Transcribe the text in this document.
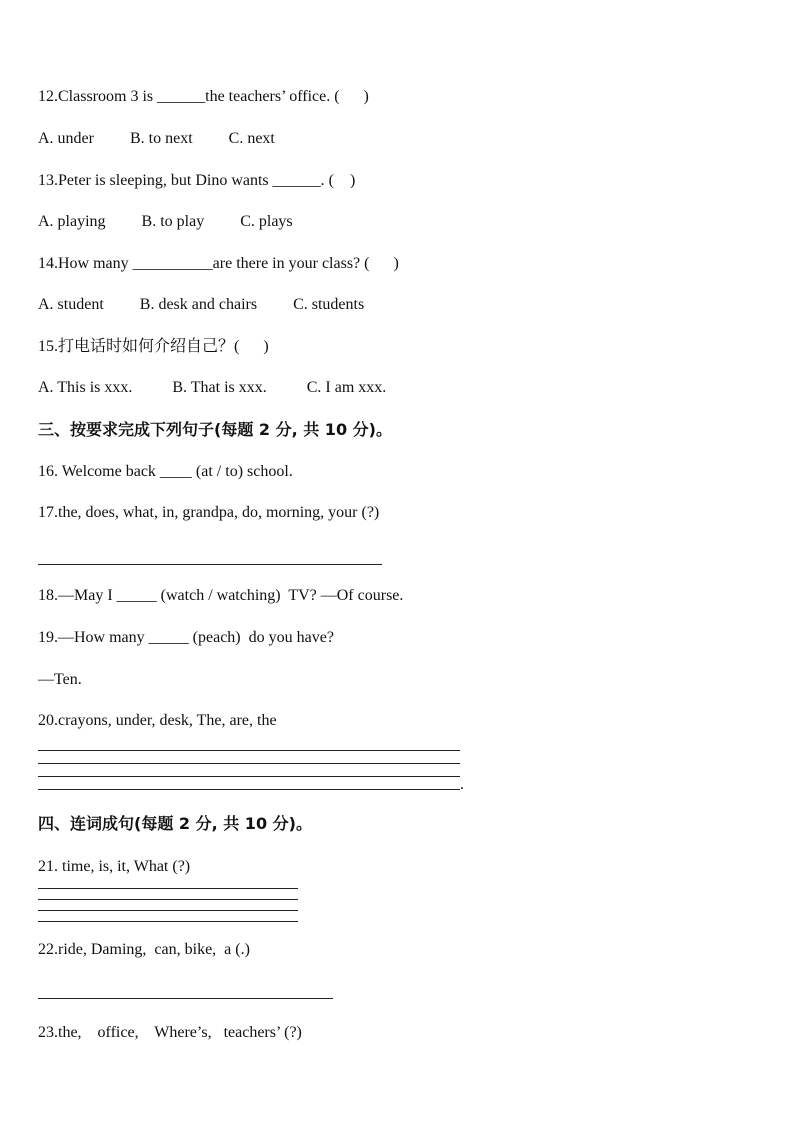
12.Classroom 3 is ______the teachers’ office. (      )
A. under         B. to next         C. next
13.Peter is sleeping, but Dino wants ______. (    )
A. playing         B. to play         C. plays
14.How many __________are there in your class? (      )
A. student         B. desk and chairs         C. students
15.打电话时如何介绍自己？(      )
A. This is xxx.          B. That is xxx.          C. I am xxx.
三、按要求完成下列句子(每题 2 分, 共 10 分)。
16. Welcome back ____ (at / to) school.
17.the, does, what, in, grandpa, do, morning, your (?)
18.—May I _____ (watch / watching)  TV? —Of course.
19.—How many _____ (peach)  do you have?
—Ten.
20.crayons, under, desk, The, are, the
.
四、连词成句(每题 2 分, 共 10 分)。
21. time, is, it, What (?)
22.ride, Daming,  can, bike,  a (.)
23.the,    office,    Where’s,   teachers’ (?)
